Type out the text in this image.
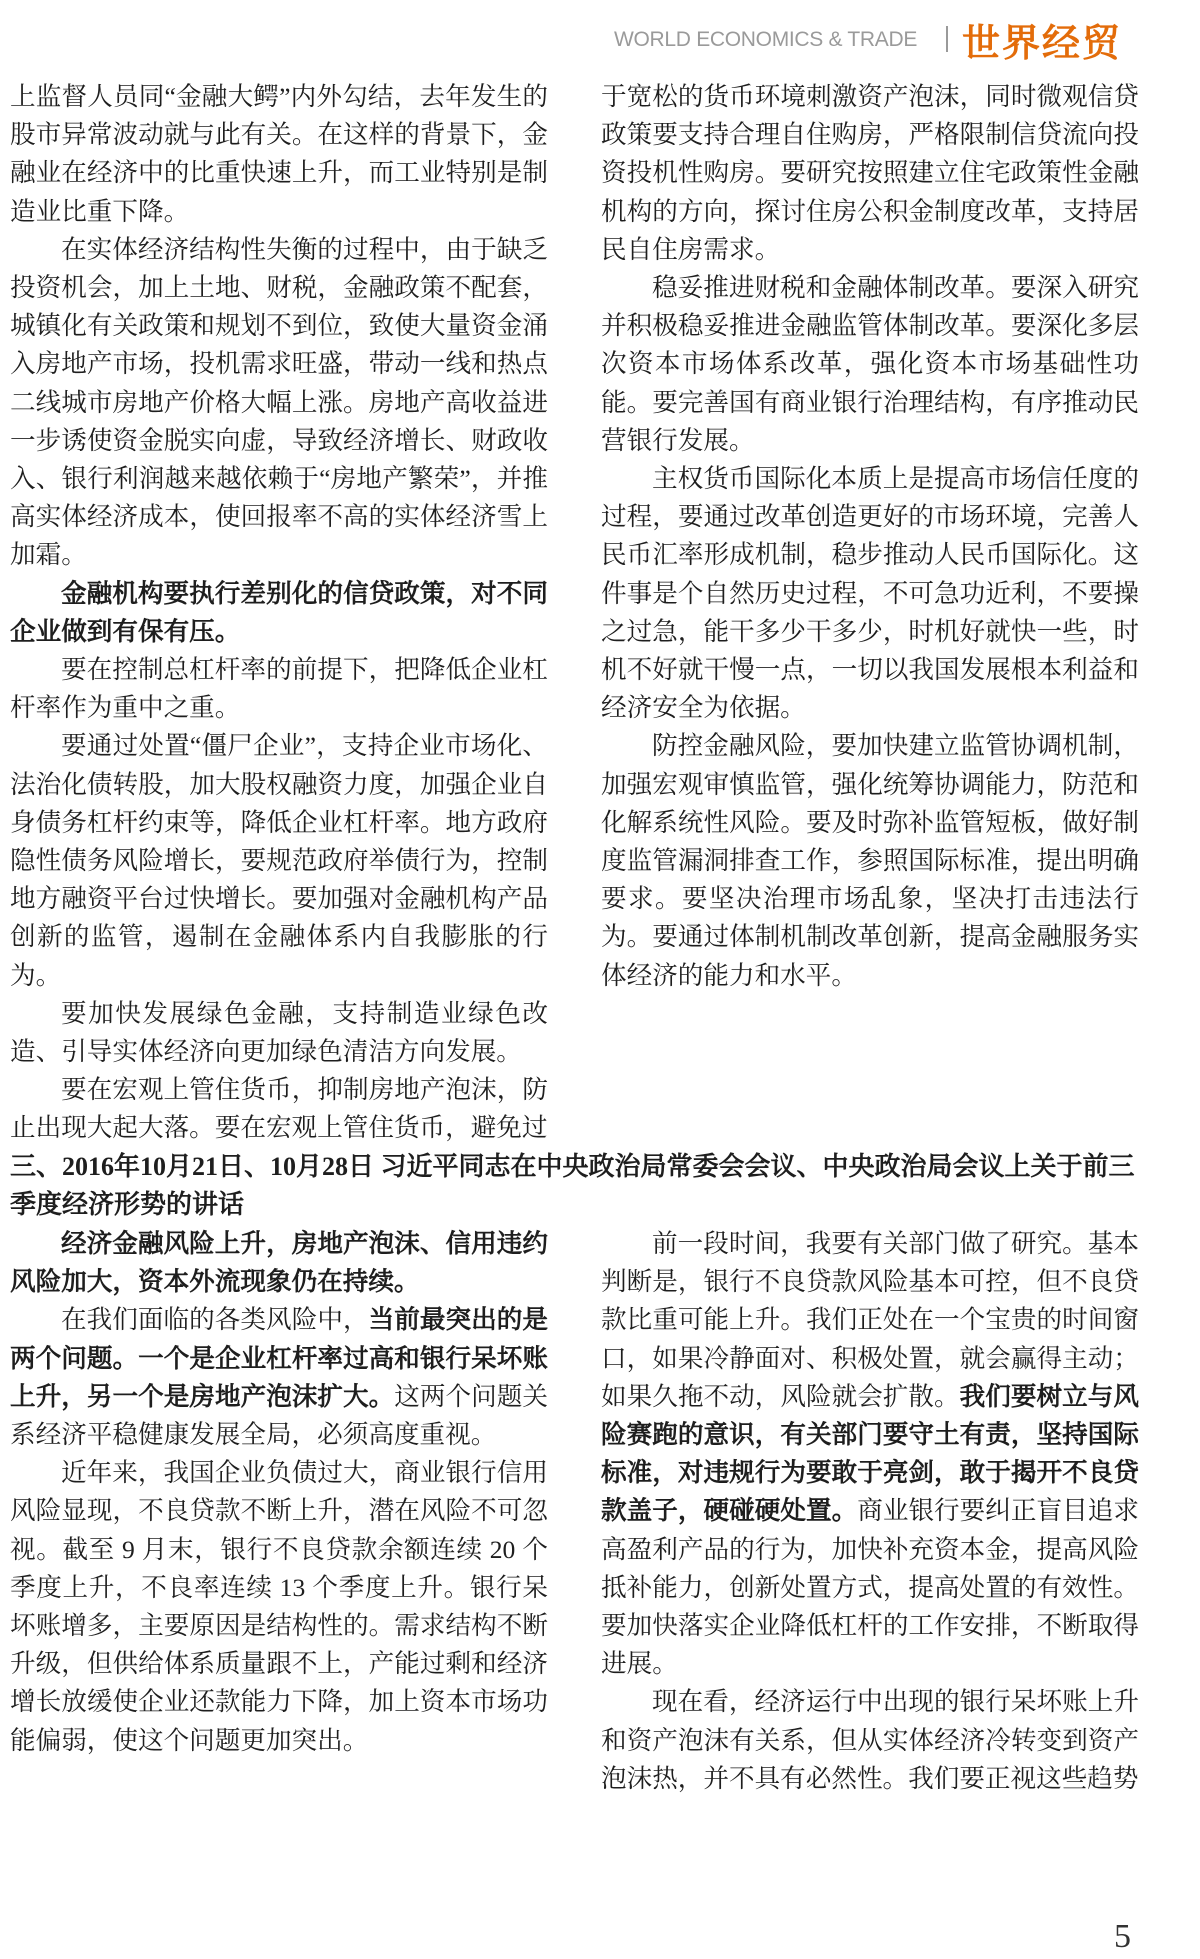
WORLD ECONOMICS & TRADE 世界经贸

上监督人员同“金融大鳄”内外勾结，去年发生的股市异常波动就与此有关。在这样的背景下，金融业在经济中的比重快速上升，而工业特别是制造业比重下降。

在实体经济结构性失衡的过程中，由于缺乏投资机会，加上土地、财税，金融政策不配套，城镇化有关政策和规划不到位，致使大量资金涌入房地产市场，投机需求旺盛，带动一线和热点二线城市房地产价格大幅上涨。房地产高收益进一步诱使资金脱实向虚，导致经济增长、财政收入、银行利润越来越依赖于“房地产繁荣”，并推高实体经济成本，使回报率不高的实体经济雪上加霜。

金融机构要执行差别化的信贷政策，对不同企业做到有保有压。

要在控制总杠杆率的前提下，把降低企业杠杆率作为重中之重。

要通过处置“僵尸企业”，支持企业市场化、法治化债转股，加大股权融资力度，加强企业自身债务杠杆约束等，降低企业杠杆率。地方政府隐性债务风险增长，要规范政府举债行为，控制地方融资平台过快增长。要加强对金融机构产品创新的监管，遏制在金融体系内自我膨胀的行为。

要加快发展绿色金融，支持制造业绿色改造、引导实体经济向更加绿色清洁方向发展。

要在宏观上管住货币，抑制房地产泡沫，防止出现大起大落。要在宏观上管住货币，避免过

于宽松的货币环境刺激资产泡沫，同时微观信贷政策要支持合理自住购房，严格限制信贷流向投资投机性购房。要研究按照建立住宅政策性金融机构的方向，探讨住房公积金制度改革，支持居民自住房需求。

稳妥推进财税和金融体制改革。要深入研究并积极稳妥推进金融监管体制改革。要深化多层次资本市场体系改革，强化资本市场基础性功能。要完善国有商业银行治理结构，有序推动民营银行发展。

主权货币国际化本质上是提高市场信任度的过程，要通过改革创造更好的市场环境，完善人民币汇率形成机制，稳步推动人民币国际化。这件事是个自然历史过程，不可急功近利，不要操之过急，能干多少干多少，时机好就快一些，时机不好就干慢一点，一切以我国发展根本利益和经济安全为依据。

防控金融风险，要加快建立监管协调机制，加强宏观审慎监管，强化统筹协调能力，防范和化解系统性风险。要及时弥补监管短板，做好制度监管漏洞排查工作，参照国际标准，提出明确要求。要坚决治理市场乱象，坚决打击违法行为。要通过体制机制改革创新，提高金融服务实体经济的能力和水平。

三、2016年10月21日、10月28日 习近平同志在中央政治局常委会会议、中央政治局会议上关于前三季度经济形势的讲话

经济金融风险上升，房地产泡沫、信用违约风险加大，资本外流现象仍在持续。

在我们面临的各类风险中，当前最突出的是两个问题。一个是企业杠杆率过高和银行呆坏账上升，另一个是房地产泡沫扩大。这两个问题关系经济平稳健康发展全局，必须高度重视。

近年来，我国企业负债过大，商业银行信用风险显现，不良贷款不断上升，潜在风险不可忽视。截至 9 月末，银行不良贷款余额连续 20 个季度上升，不良率连续 13 个季度上升。银行呆坏账增多，主要原因是结构性的。需求结构不断升级，但供给体系质量跟不上，产能过剩和经济增长放缓使企业还款能力下降，加上资本市场功能偏弱，使这个问题更加突出。

前一段时间，我要有关部门做了研究。基本判断是，银行不良贷款风险基本可控，但不良贷款比重可能上升。我们正处在一个宝贵的时间窗口，如果冷静面对、积极处置，就会赢得主动；如果久拖不动，风险就会扩散。我们要树立与风险赛跑的意识，有关部门要守土有责，坚持国际标准，对违规行为要敢于亮剑，敢于揭开不良贷款盖子，硬碰硬处置。商业银行要纠正盲目追求高盈利产品的行为，加快补充资本金，提高风险抵补能力，创新处置方式，提高处置的有效性。要加快落实企业降低杠杆的工作安排，不断取得进展。

现在看，经济运行中出现的银行呆坏账上升和资产泡沫有关系，但从实体经济冷转变到资产泡沫热，并不具有必然性。我们要正视这些趋势

5
